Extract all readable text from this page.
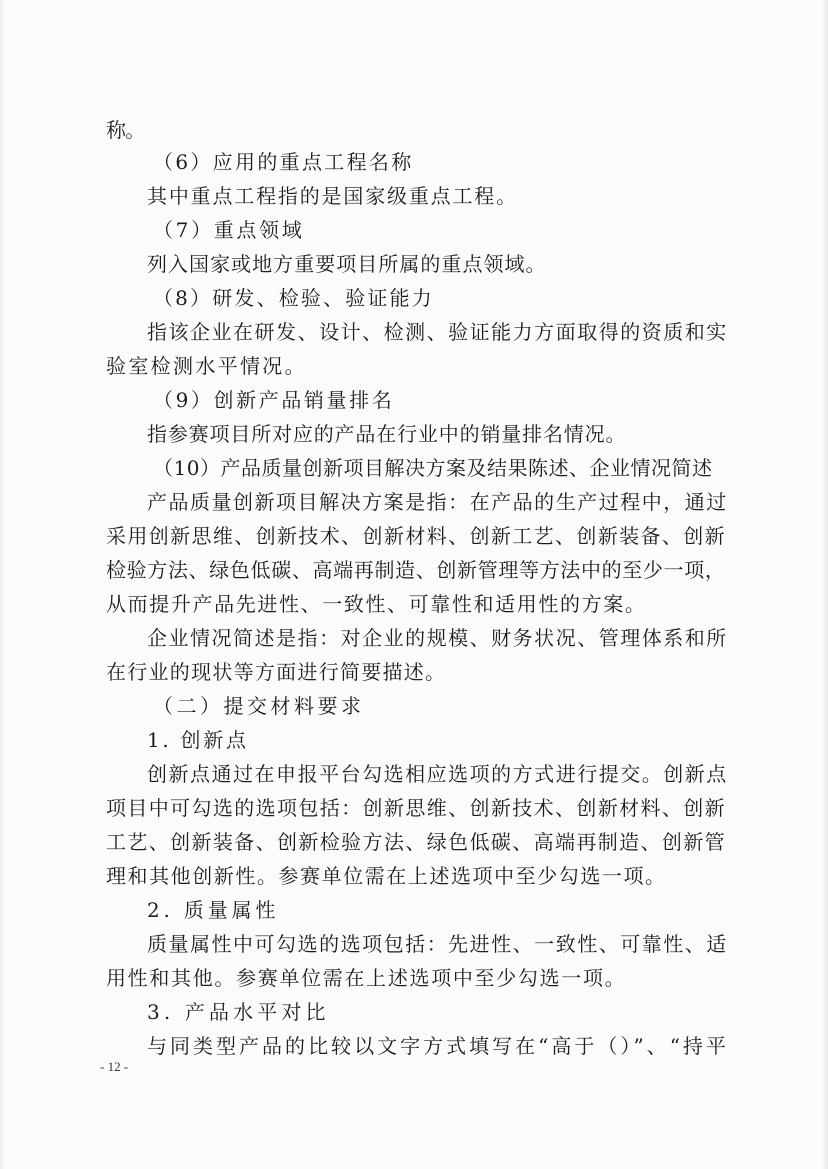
称。
（6）应用的重点工程名称
其中重点工程指的是国家级重点工程。
（7）重点领域
列入国家或地方重要项目所属的重点领域。
（8）研发、检验、验证能力
指该企业在研发、设计、检测、验证能力方面取得的资质和实
验室检测水平情况。
（9）创新产品销量排名
指参赛项目所对应的产品在行业中的销量排名情况。
（10）产品质量创新项目解决方案及结果陈述、企业情况简述
产品质量创新项目解决方案是指：在产品的生产过程中，通过
采用创新思维、创新技术、创新材料、创新工艺、创新装备、创新
检验方法、绿色低碳、高端再制造、创新管理等方法中的至少一项，
从而提升产品先进性、一致性、可靠性和适用性的方案。
企业情况简述是指：对企业的规模、财务状况、管理体系和所
在行业的现状等方面进行简要描述。
（二）提交材料要求
1. 创新点
创新点通过在申报平台勾选相应选项的方式进行提交。创新点
项目中可勾选的选项包括：创新思维、创新技术、创新材料、创新
工艺、创新装备、创新检验方法、绿色低碳、高端再制造、创新管
理和其他创新性。参赛单位需在上述选项中至少勾选一项。
2. 质量属性
质量属性中可勾选的选项包括：先进性、一致性、可靠性、适
用性和其他。参赛单位需在上述选项中至少勾选一项。
3. 产品水平对比
与同类型产品的比较以文字方式填写在“高于（）”、“持平
- 12 -
